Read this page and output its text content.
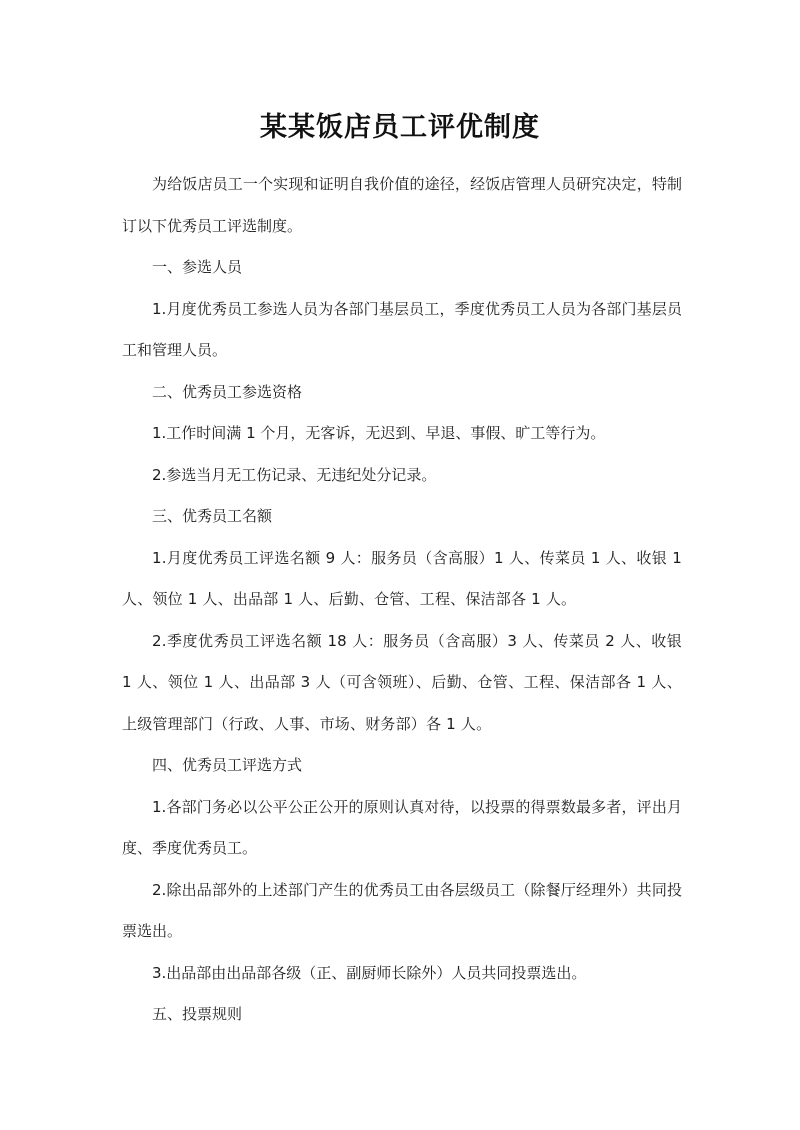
某某饭店员工评优制度

为给饭店员工一个实现和证明自我价值的途径，经饭店管理人员研究决定，特制订以下优秀员工评选制度。

一、参选人员

1.月度优秀员工参选人员为各部门基层员工，季度优秀员工人员为各部门基层员工和管理人员。

二、优秀员工参选资格

1.工作时间满 1 个月，无客诉，无迟到、早退、事假、旷工等行为。

2.参选当月无工伤记录、无违纪处分记录。

三、优秀员工名额

1.月度优秀员工评选名额 9 人：服务员（含高服）1 人、传菜员 1 人、收银 1 人、领位 1 人、出品部 1 人、后勤、仓管、工程、保洁部各 1 人。

2.季度优秀员工评选名额 18 人：服务员（含高服）3 人、传菜员 2 人、收银 1 人、领位 1 人、出品部 3 人（可含领班）、后勤、仓管、工程、保洁部各 1 人、上级管理部门（行政、人事、市场、财务部）各 1 人。

四、优秀员工评选方式

1.各部门务必以公平公正公开的原则认真对待，以投票的得票数最多者，评出月度、季度优秀员工。

2.除出品部外的上述部门产生的优秀员工由各层级员工（除餐厅经理外）共同投票选出。

3.出品部由出品部各级（正、副厨师长除外）人员共同投票选出。

五、投票规则
